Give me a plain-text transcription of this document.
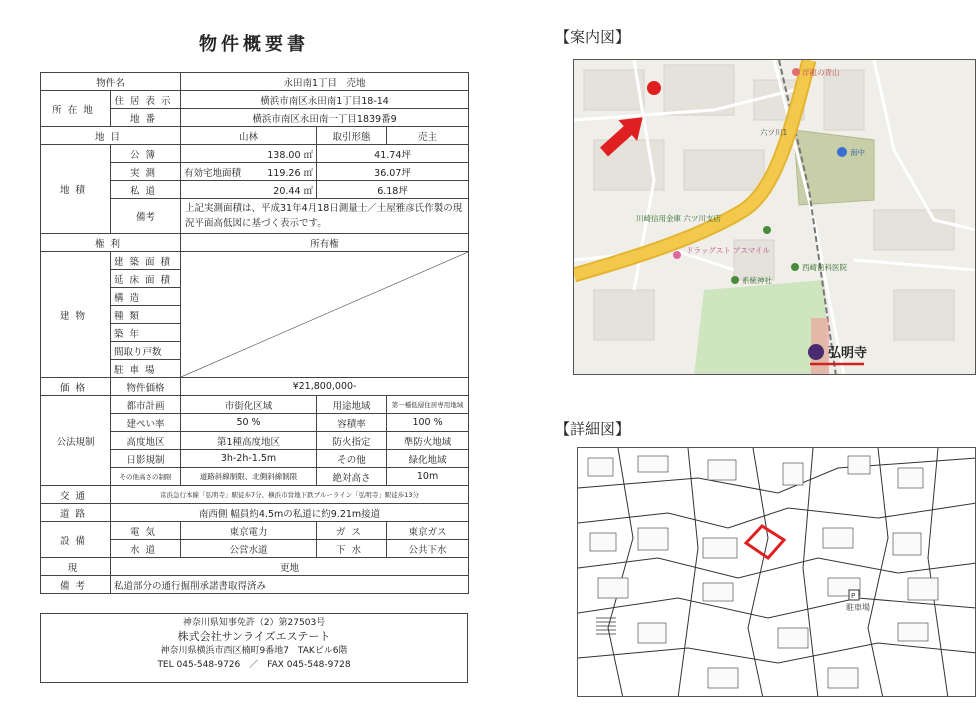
物件概要書
物件名		永田南1丁目　売地		
所在地	住居表示	横浜市南区永田南1丁目18-14		
	地番	横浜市南区永田南一丁目1839番9		
地目		山林	取引形態	売主
地積	公簿	138.00 ㎡	41.74坪	
	実測	有効宅地面積 119.26 ㎡	36.07坪	
	私道	20.44 ㎡	6.18坪	
	備考	上記実測面積は、平成31年4月18日測量士／土屋雅彦氏作製の現況平面高低図に基づく表示です。		

権利		所有権		
建物	建築面積	

	延床面積			
	構造			
	種類			
	築年			
	間取り戸数			
	駐車場			
価格	物件価格	¥21,800,000-		
公法規制	都市計画	市街化区域	用途地域	第一種低層住居専用地域
	建ぺい率	50 %	容積率	100 %
	高度地区	第1種高度地区	防火指定	準防火地域
	日影規制	3h-2h-1.5m	その他	緑化地域
	その他高さの制限	道路斜線制限、北側斜線制限	絶対高さ	10m
交通	京浜急行本線「弘明寺」駅徒歩7分、横浜市営地下鉄ブルーライン「弘明寺」駅徒歩13分			
道路	南西側 幅員約4.5mの私道に約9.21m接道			
設備	電気	東京電力	ガス	東京ガス
	水道	公営水道	下水	公共下水
現	更地			
備考	私道部分の通行掘削承諾書取得済み			
神奈川県知事免許（2）第27503号
株式会社サンライズエステート
神奈川県横浜市西区楠町9番地7　TAKビル6階
TEL 045-548-9726　／　FAX 045-548-9728
【案内図】
浮龍の青山
南中
六ツ川1
川崎信用金庫 六ツ川支店
ドラッグスト アスマイル
系統神社
西崎歯科医院
弘明寺
【詳細図】
P
駐車場
